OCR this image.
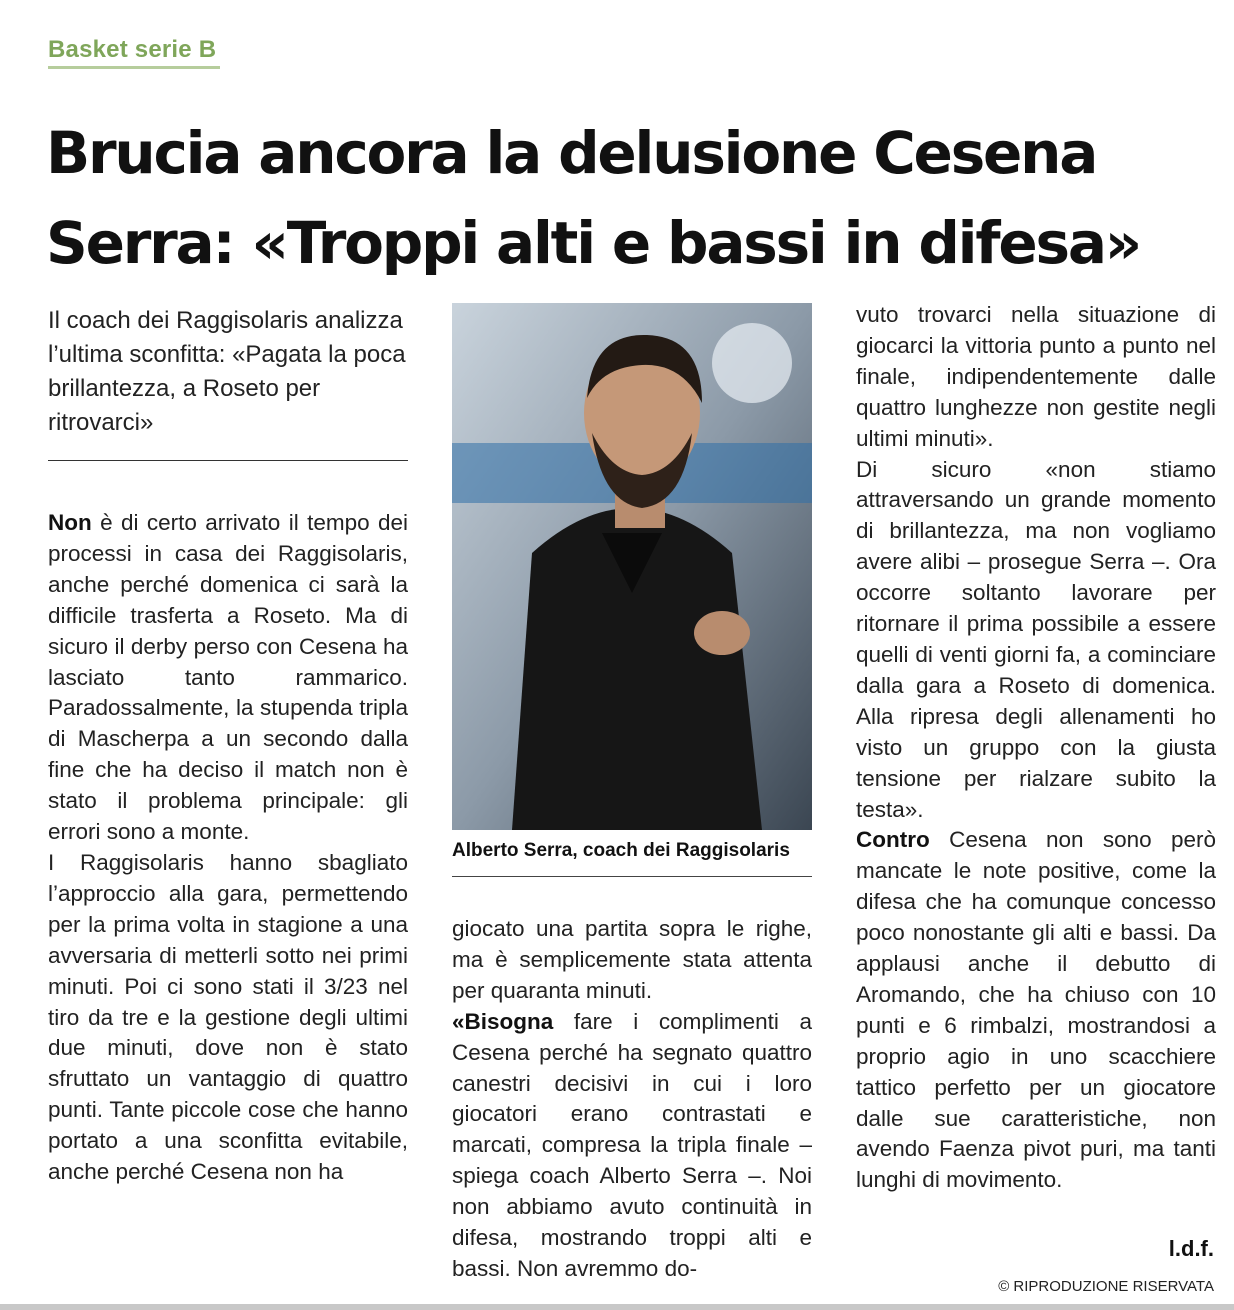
Basket serie B
Brucia ancora la delusione Cesena
Serra: «Troppi alti e bassi in difesa»
Il coach dei Raggisolaris analizza l’ultima sconfitta: «Pagata la poca brillantezza, a Roseto per ritrovarci»

Non è di certo arrivato il tempo dei processi in casa dei Raggisolaris, anche perché domenica ci sarà la difficile trasferta a Roseto. Ma di sicuro il derby perso con Cesena ha lasciato tanto rammarico. Paradossalmente, la stupenda tripla di Mascherpa a un secondo dalla fine che ha deciso il match non è stato il problema principale: gli errori sono a monte.

I Raggisolaris hanno sbagliato l’approccio alla gara, permettendo per la prima volta in stagione a una avversaria di metterli sotto nei primi minuti. Poi ci sono stati il 3/23 nel tiro da tre e la gestione degli ultimi due minuti, dove non è stato sfruttato un vantaggio di quattro punti. Tante piccole cose che hanno portato a una sconfitta evitabile, anche perché Cesena non ha

Alberto Serra, coach dei Raggisolaris

giocato una partita sopra le righe, ma è semplicemente stata attenta per quaranta minuti.

«Bisogna fare i complimenti a Cesena perché ha segnato quattro canestri decisivi in cui i loro giocatori erano contrastati e marcati, compresa la tripla finale – spiega coach Alberto Serra –. Noi non abbiamo avuto continuità in difesa, mostrando troppi alti e bassi. Non avremmo do-

vuto trovarci nella situazione di giocarci la vittoria punto a punto nel finale, indipendentemente dalle quattro lunghezze non gestite negli ultimi minuti».

Di sicuro «non stiamo attraversando un grande momento di brillantezza, ma non vogliamo avere alibi – prosegue Serra –. Ora occorre soltanto lavorare per ritornare il prima possibile a essere quelli di venti giorni fa, a cominciare dalla gara a Roseto di domenica. Alla ripresa degli allenamenti ho visto un gruppo con la giusta tensione per rialzare subito la testa».

Contro Cesena non sono però mancate le note positive, come la difesa che ha comunque concesso poco nonostante gli alti e bassi. Da applausi anche il debutto di Aromando, che ha chiuso con 10 punti e 6 rimbalzi, mostrandosi a proprio agio in uno scacchiere tattico perfetto per un giocatore dalle sue caratteristiche, non avendo Faenza pivot puri, ma tanti lunghi di movimento.

l.d.f.
© RIPRODUZIONE RISERVATA
